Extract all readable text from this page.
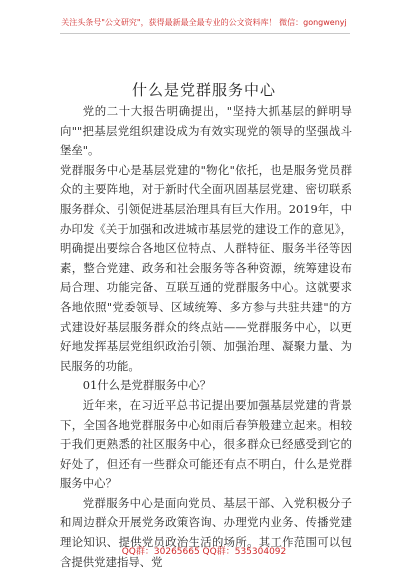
关注头条号"公文研究"，获得最新最全最专业的公文资料库！ 微信：gongwenyj
什么是党群服务中心

党的二十大报告明确提出，"坚持大抓基层的鲜明导向""把基层党组织建设成为有效实现党的领导的坚强战斗堡垒"。

党群服务中心是基层党建的"物化"依托，也是服务党员群众的主要阵地，对于新时代全面巩固基层党建、密切联系服务群众、引领促进基层治理具有巨大作用。2019年，中办印发《关于加强和改进城市基层党的建设工作的意见》，明确提出要综合各地区位特点、人群特征、服务半径等因素，整合党建、政务和社会服务等各种资源，统筹建设布局合理、功能完备、互联互通的党群服务中心。这就要求各地依照"党委领导、区域统筹、多方参与共驻共建"的方式建设好基层服务群众的终点站——党群服务中心，以更好地发挥基层党组织政治引领、加强治理、凝聚力量、为民服务的功能。

01什么是党群服务中心？

近年来，在习近平总书记提出要加强基层党建的背景下，全国各地党群服务中心如雨后春笋般建立起来。相较于我们更熟悉的社区服务中心，很多群众已经感受到它的好处了，但还有一些群众可能还有点不明白，什么是党群服务中心？

党群服务中心是面向党员、基层干部、入党积极分子和周边群众开展党务政策咨询、办理党内业务、传播党建理论知识、提供党员政治生活的场所。其工作范围可以包含提供党建指导、党

QQ群：30265665 QQ群：535304092
